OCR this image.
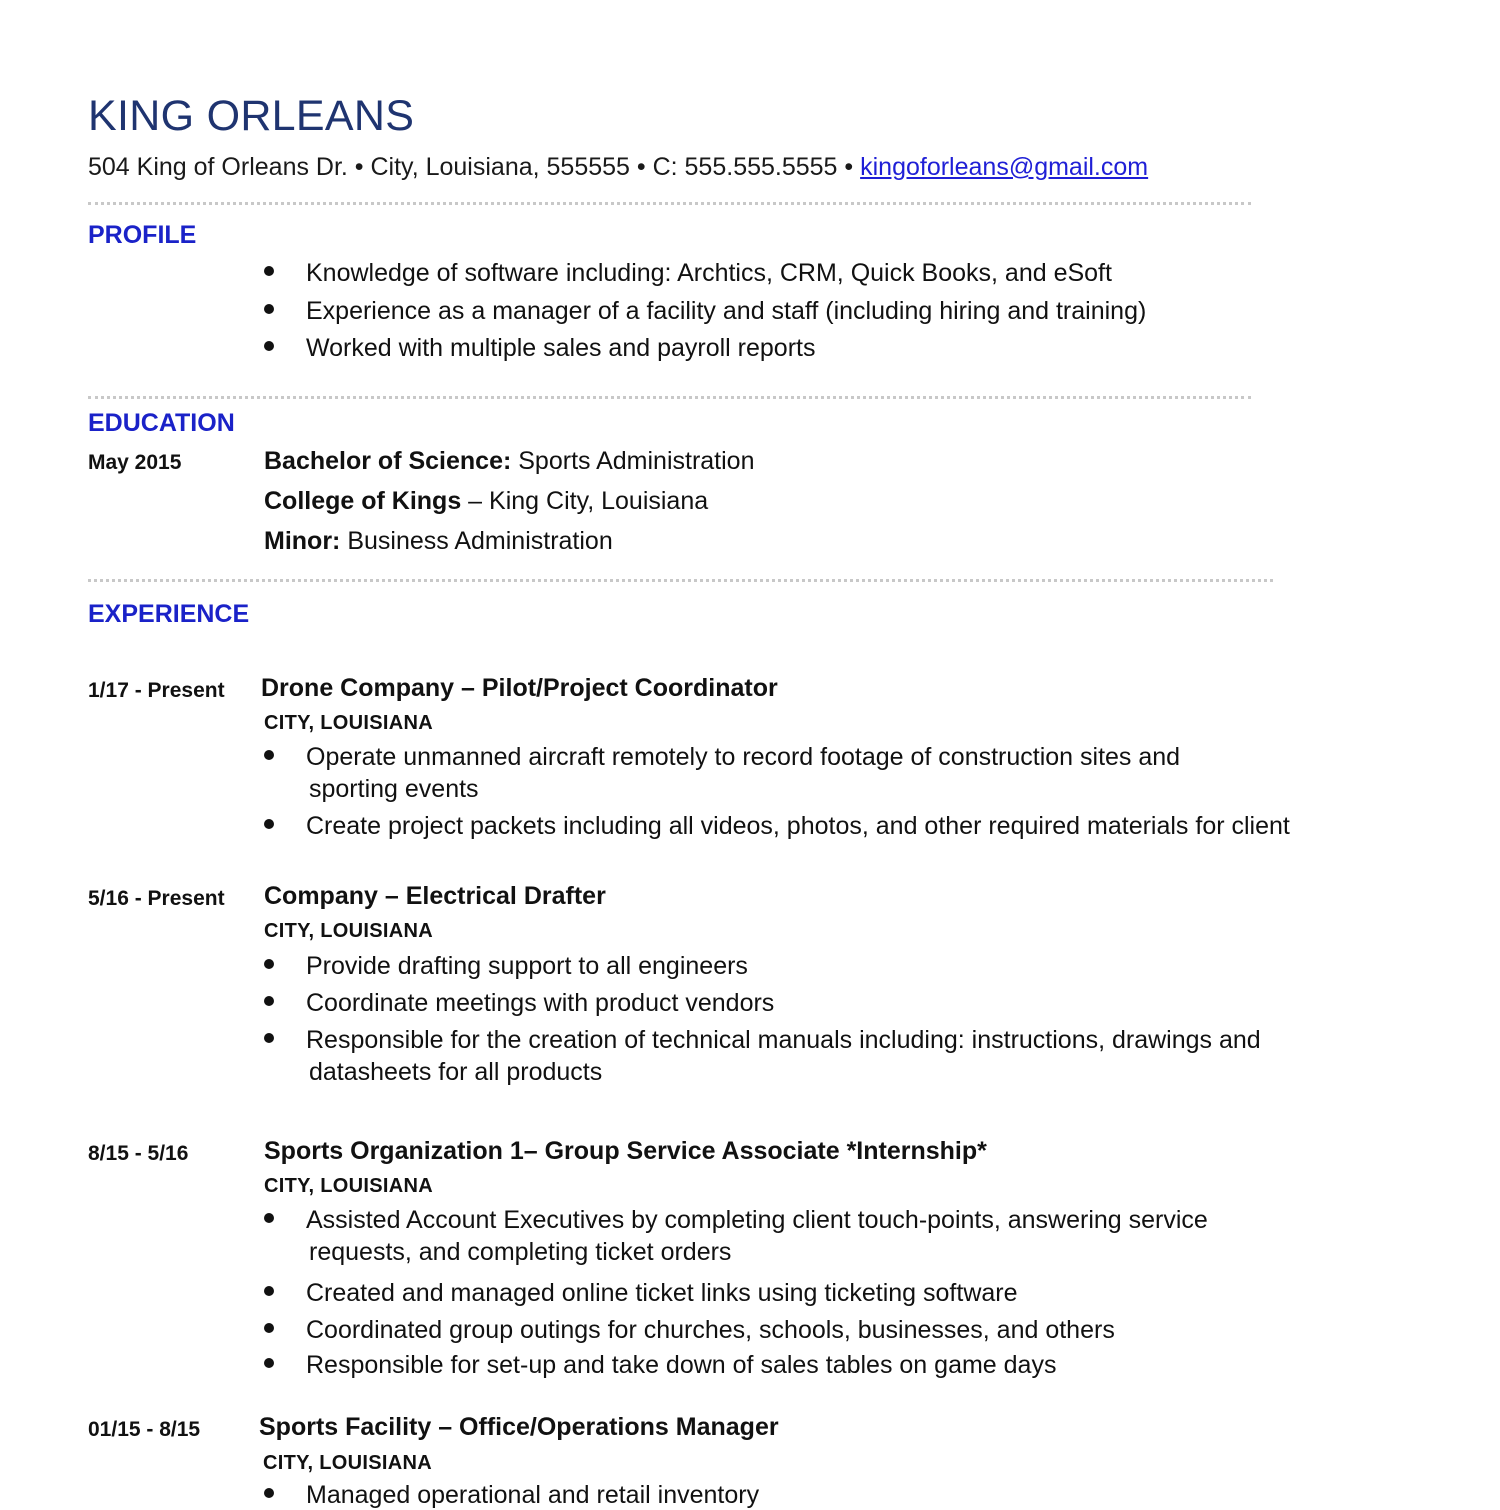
KING ORLEANS
504 King of Orleans Dr. • City, Louisiana, 555555 • C: 555.555.5555 • kingoforleans@gmail.com
PROFILE
Knowledge of software including: Archtics, CRM, Quick Books, and eSoft
Experience as a manager of a facility and staff (including hiring and training)
Worked with multiple sales and payroll reports
EDUCATION
May 2015	Bachelor of Science: Sports Administration
College of Kings – King City, Louisiana
Minor: Business Administration
EXPERIENCE
1/17 - Present Drone Company – Pilot/Project Coordinator
CITY, LOUISIANA
Operate unmanned aircraft remotely to record footage of construction sites and
sporting events
Create project packets including all videos, photos, and other required materials for client
5/16 - Present Company – Electrical Drafter
CITY, LOUISIANA
Provide drafting support to all engineers
Coordinate meetings with product vendors
Responsible for the creation of technical manuals including: instructions, drawings and
datasheets for all products
8/15 - 5/16	Sports Organization 1– Group Service Associate *Internship*
CITY, LOUISIANA
Assisted Account Executives by completing client touch-points, answering service
requests, and completing ticket orders
Created and managed online ticket links using ticketing software
Coordinated group outings for churches, schools, businesses, and others
Responsible for set-up and take down of sales tables on game days
01/15 - 8/15 Sports Facility – Office/Operations Manager
CITY, LOUISIANA
Managed operational and retail inventory
